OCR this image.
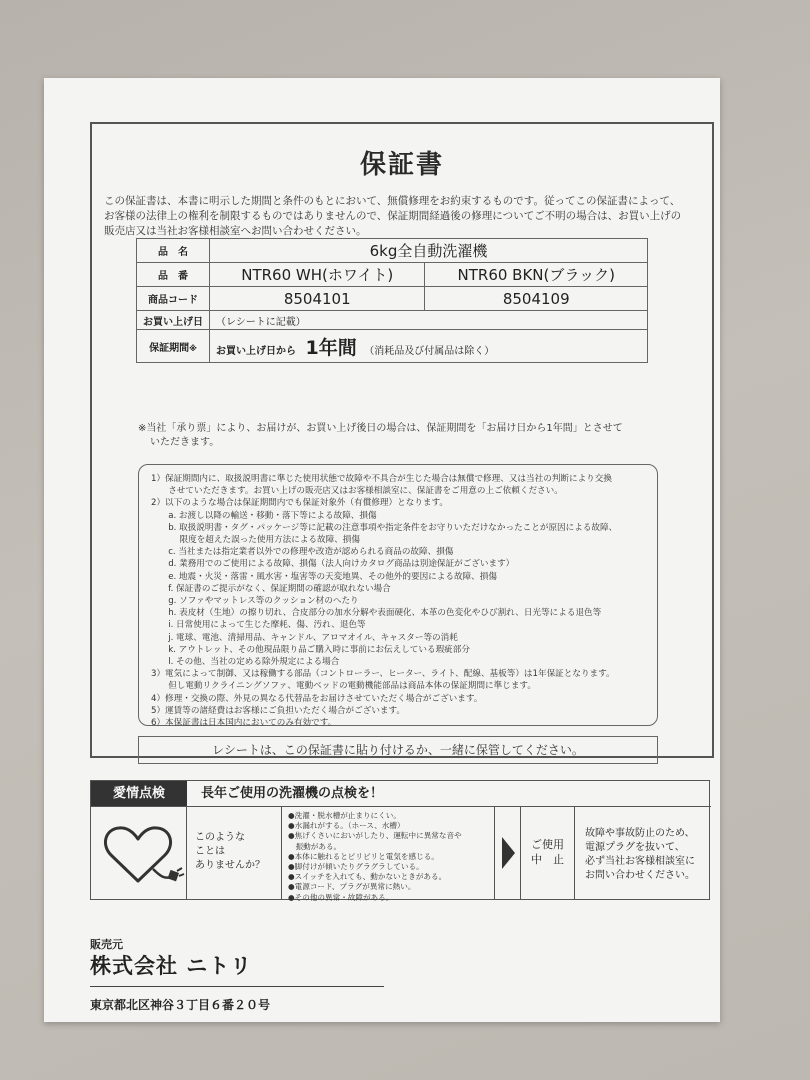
保証書
この保証書は、本書に明示した期間と条件のもとにおいて、無償修理をお約束するものです。従ってこの保証書によって、
お客様の法律上の権利を制限するものではありませんので、保証期間経過後の修理についてご不明の場合は、お買い上げの
販売店又は当社お客様相談室へお問い合わせください。
品　名	6kg全自動洗濯機	
品　番	NTR60 WH(ホワイト)	NTR60 BKN(ブラック)
商品コード	8504101	8504109
お買い上げ日	（レシートに記載）	
保証期間※	お買い上げ日から 1年間 （消耗品及び付属品は除く）	
※当社「承り票」により、お届けが、お買い上げ後日の場合は、保証期間を「お届け日から1年間」とさせて
いただきます。
1）保証期間内に、取扱説明書に準じた使用状態で故障や不具合が生じた場合は無償で修理、又は当社の判断により交換
　　させていただきます。お買い上げの販売店又はお客様相談室に、保証書をご用意の上ご依頼ください。
2）以下のような場合は保証期間内でも保証対象外（有償修理）となります。
　　a. お渡し以降の輸送・移動・落下等による故障、損傷
　　b. 取扱説明書・タグ・パッケージ等に記載の注意事項や指定条件をお守りいただけなかったことが原因による故障、
　　　 限度を超えた誤った使用方法による故障、損傷
　　c. 当社または指定業者以外での修理や改造が認められる商品の故障、損傷
　　d. 業務用でのご使用による故障、損傷（法人向けカタログ商品は別途保証がございます）
　　e. 地震・火災・落雷・風水害・塩害等の天変地異、その他外的要因による故障、損傷
　　f. 保証書のご提示がなく、保証期間の確認が取れない場合
　　g. ソファやマットレス等のクッション材のへたり
　　h. 表皮材（生地）の擦り切れ、合皮部分の加水分解や表面硬化、本革の色変化やひび割れ、日光等による退色等
　　i. 日常使用によって生じた摩耗、傷、汚れ、退色等
　　j. 電球、電池、清掃用品、キャンドル、アロマオイル、キャスター等の消耗
　　k. アウトレット、その他現品限り品ご購入時に事前にお伝えしている瑕疵部分
　　l. その他、当社の定める除外規定による場合
3）電気によって制御、又は稼働する部品（コントローラー、ヒーター、ライト、配線、基板等）は1年保証となります。
　　但し電動リクライニングソファ、電動ベッドの電動機能部品は商品本体の保証期間に準じます。
4）修理・交換の際、外見の異なる代替品をお届けさせていただく場合がございます。
5）運賃等の諸経費はお客様にご負担いただく場合がございます。
6）本保証書は日本国内においてのみ有効です。
レシートは、この保証書に貼り付けるか、一緒に保管してください。
愛情点検	長年ご使用の洗濯機の点検を！
このような
ことは
ありませんか？
●洗濯・脱水槽が止まりにくい。
●水漏れがする。（ホース、水槽）
●焦げくさいにおいがしたり、運転中に異常な音や
　振動がある。
●本体に触れるとビリビリと電気を感じる。
●脚付けが傾いたりグラグラしている。
●スイッチを入れても、動かないときがある。
●電源コード、プラグが異常に熱い。
●その他の異常・故障がある。
ご使用
中　止
故障や事故防止のため、
電源プラグを抜いて、
必ず当社お客様相談室に
お問い合わせください。
販売元
株式会社 ニトリ
東京都北区神谷３丁目６番２０号
